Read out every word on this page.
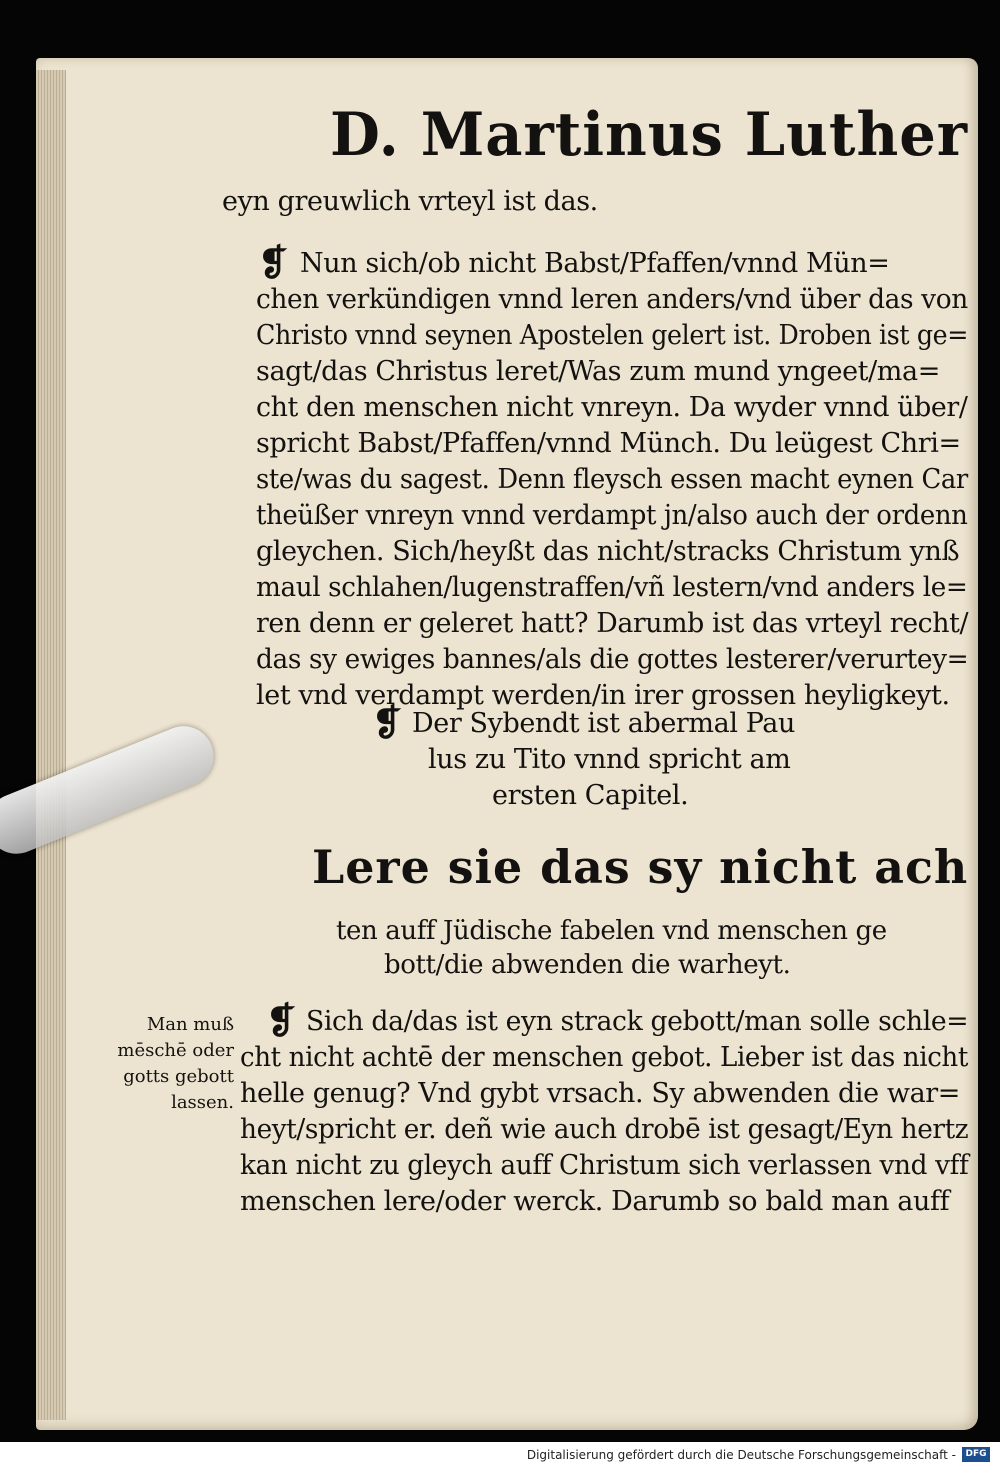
D. Martinus Luther
eyn greuwlich vrteyl ist das.
❡ Nun sich/ob nicht Babst/Pfaffen/vnnd Mün=
chen verkündigen vnnd leren anders/vnd über das von
Christo vnnd seynen Apostelen gelert ist. Droben ist ge=
sagt/das Christus leret/Was zum mund yngeet/ma=
cht den menschen nicht vnreyn. Da wyder vnnd über/
spricht Babst/Pfaffen/vnnd Münch. Du leügest Chri=
ste/was du sagest. Denn fleysch essen macht eynen Car
theüßer vnreyn vnnd verdampt jn/also auch der ordenn
gleychen. Sich/heyßt das nicht/stracks Christum ynß
maul schlahen/lugenstraffen/vñ lestern/vnd anders le=
ren denn er geleret hatt? Darumb ist das vrteyl recht/
das sy ewiges bannes/als die gottes lesterer/verurtey=
let vnd verdampt werden/in irer grossen heyligkeyt.
❡ Der Sybendt ist abermal Pau
lus zu Tito vnnd spricht am
ersten Capitel.
Lere sie das sy nicht ach
ten auff Jüdische fabelen vnd menschen ge
bott/die abwenden die warheyt.
Man muß
mēschē oder
gotts gebott
lassen.
❡ Sich da/das ist eyn strack gebott/man solle schle=
cht nicht achtē der menschen gebot. Lieber ist das nicht
helle genug? Vnd gybt vrsach. Sy abwenden die war=
heyt/spricht er. deñ wie auch drobē ist gesagt/Eyn hertz
kan nicht zu gleych auff Christum sich verlassen vnd vff
menschen lere/oder werck. Darumb so bald man auff
Digitalisierung gefördert durch die Deutsche Forschungsgemeinschaft -	DFG
